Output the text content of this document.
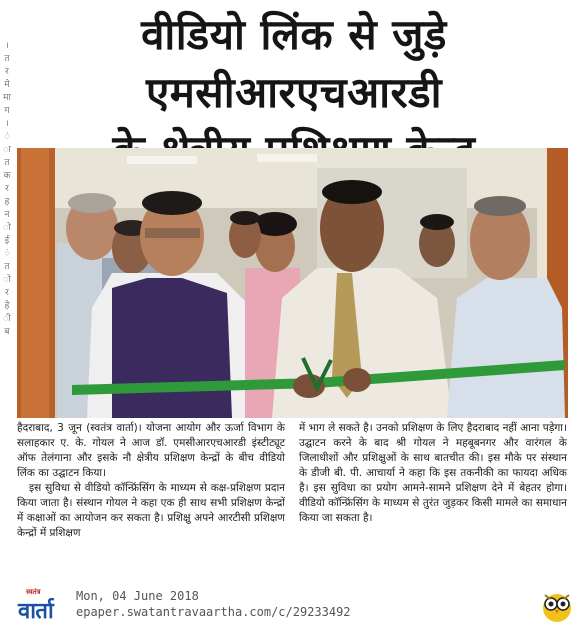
।
त
र
मे
मा
ग
।
ं
ा
त
क
र
ह
न
ो
ई
ं
त
ो
र
हे
ी
ब
वीडियो लिंक से जुड़े एमसीआरएचआरडी

हैदराबाद, 3 जून (स्वतंत्र वार्ता)। योजना आयोग और ऊर्जा विभाग के सलाहकार ए. के. गोयल ने आज डॉ. एमसीआरएचआरडी इंस्टीट्यूट ऑफ तेलंगाना और इसके नौ क्षेत्रीय प्रशिक्षण केन्द्रों के बीच वीडियो लिंक का उद्घाटन किया।

इस सुविधा से वीडियो कॉन्फ्रिंसिंग के माध्यम से कक्ष-प्रशिक्षण प्रदान किया जाता है। संस्थान गोयल ने कहा एक ही साथ सभी प्रशिक्षण केन्द्रों में कक्षाओं का आयोजन कर सकता है। प्रशिक्षु अपने आरटीसी प्रशिक्षण केन्द्रों में प्रशिक्षण

में भाग ले सकते है। उनको प्रशिक्षण के लिए हैदराबाद नहीं आना पड़ेगा। उद्घाटन करने के बाद श्री गोयल ने महबूबनगर और वारंगल के जिलाधीशों और प्रशिक्षुओं के साथ बातचीत की। इस मौके पर संस्थान के डीजी बी. पी. आचार्या ने कहा कि इस तकनीकी का फायदा अधिक है। इस सुविधा का प्रयोग आमने-सामने प्रशिक्षण देने में बेहतर होगा। वीडियो कॉन्फ्रिंसिंग के माध्यम से तुरंत जुड़कर किसी मामले का समाधान किया जा सकता है।

स्वतंत्र
वार्ता
Mon, 04 June 2018
epaper.swatantravaartha.com/c/29233492
